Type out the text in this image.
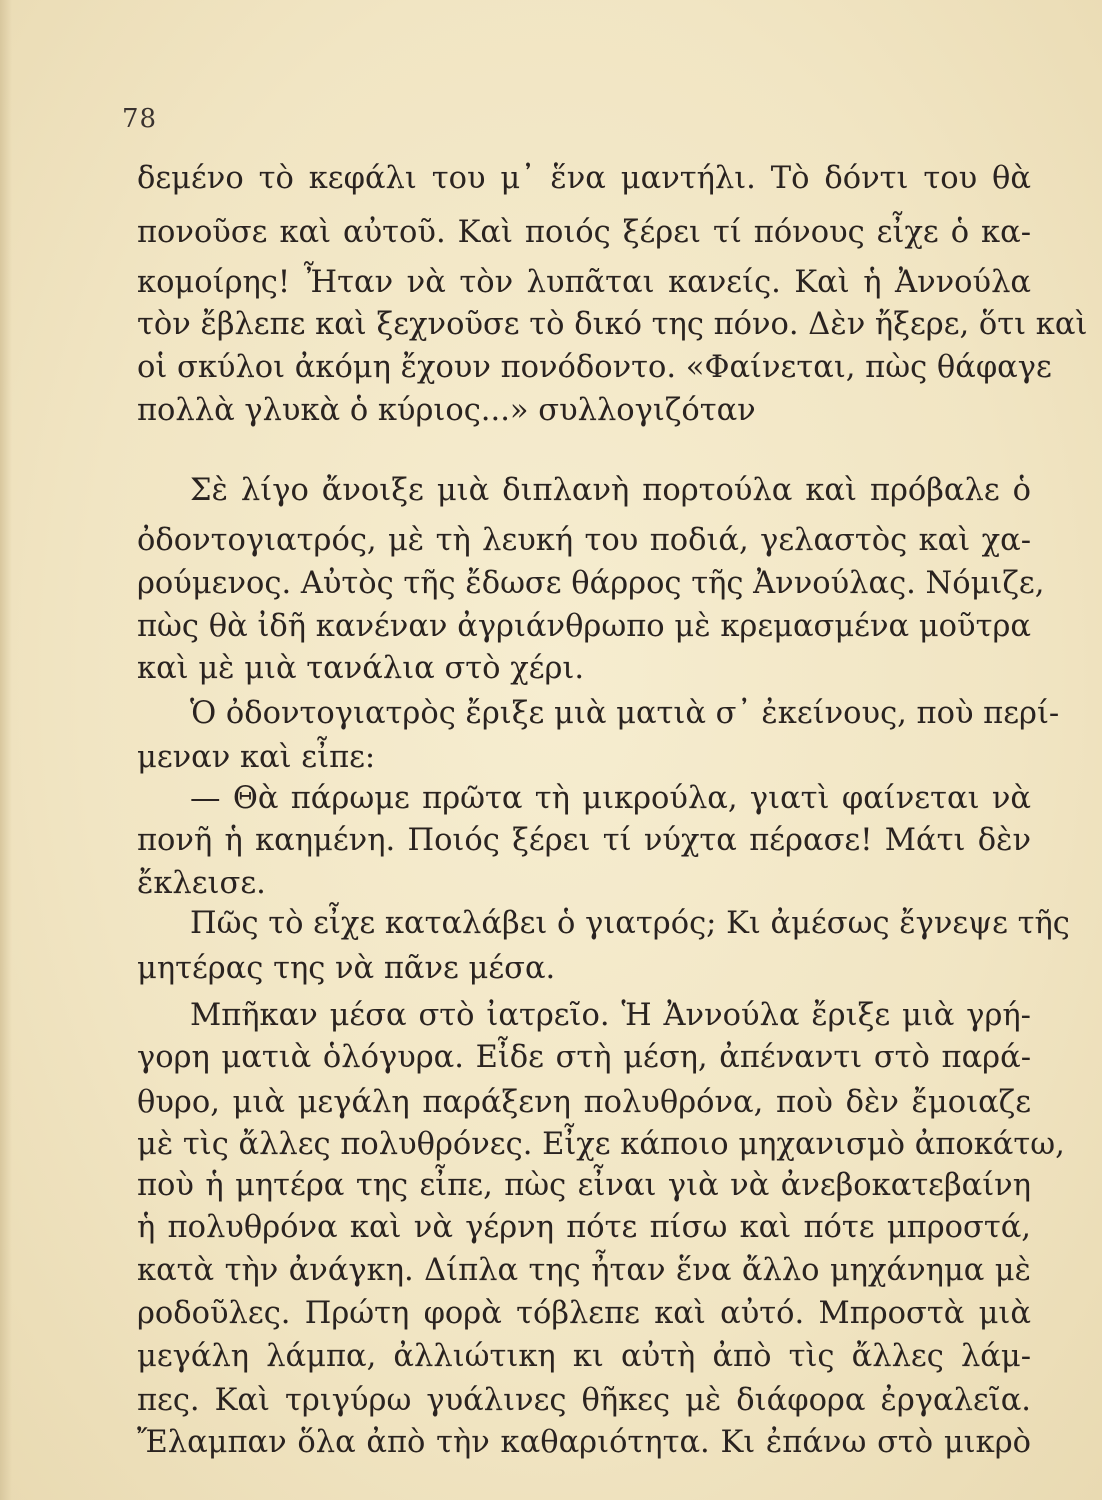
78
δεμένο τὸ κεφάλι του μ᾽ ἕνα μαντήλι. Τὸ δόντι του θὰ
πονοῦσε καὶ αὐτοῦ. Καὶ ποιός ξέρει τί πόνους εἶχε ὁ κα-
κομοίρης! Ἦταν νὰ τὸν λυπᾶται κανείς. Καὶ ἡ Ἀννούλα
τὸν ἔβλεπε καὶ ξεχνοῦσε τὸ δικό της πόνο. Δὲν ἤξερε, ὅτι καὶ
οἱ σκύλοι ἀκόμη ἔχουν πονόδοντο. «Φαίνεται, πὼς θάφαγε
πολλὰ γλυκὰ ὁ κύριος...» συλλογιζόταν
Σὲ λίγο ἄνοιξε μιὰ διπλανὴ πορτούλα καὶ πρόβαλε ὁ
ὀδοντογιατρός, μὲ τὴ λευκή του ποδιά, γελαστὸς καὶ χα-
ρούμενος. Αὐτὸς τῆς ἔδωσε θάρρος τῆς Ἀννούλας. Νόμιζε,
πὼς θὰ ἰδῆ κανέναν ἀγριάνθρωπο μὲ κρεμασμένα μοῦτρα
καὶ μὲ μιὰ τανάλια στὸ χέρι.
Ὁ ὀδοντογιατρὸς ἔριξε μιὰ ματιὰ σ᾽ ἐκείνους, ποὺ περί-
μεναν καὶ εἶπε:
— Θὰ πάρωμε πρῶτα τὴ μικρούλα, γιατὶ φαίνεται νὰ
πονῆ ἡ καημένη. Ποιός ξέρει τί νύχτα πέρασε! Μάτι δὲν
ἔκλεισε.
Πῶς τὸ εἶχε καταλάβει ὁ γιατρός; Κι ἀμέσως ἔγνεψε τῆς
μητέρας της νὰ πᾶνε μέσα.
Μπῆκαν μέσα στὸ ἰατρεῖο. Ἡ Ἀννούλα ἔριξε μιὰ γρή-
γορη ματιὰ ὁλόγυρα. Εἶδε στὴ μέση, ἀπέναντι στὸ παρά-
θυρο, μιὰ μεγάλη παράξενη πολυθρόνα, ποὺ δὲν ἔμοιαζε
μὲ τὶς ἄλλες πολυθρόνες. Εἶχε κάποιο μηχανισμὸ ἀποκάτω,
ποὺ ἡ μητέρα της εἶπε, πὼς εἶναι γιὰ νὰ ἀνεβοκατεβαίνη
ἡ πολυθρόνα καὶ νὰ γέρνη πότε πίσω καὶ πότε μπροστά,
κατὰ τὴν ἀνάγκη. Δίπλα της ἦταν ἕνα ἄλλο μηχάνημα μὲ
ροδοῦλες. Πρώτη φορὰ τόβλεπε καὶ αὐτό. Μπροστὰ μιὰ
μεγάλη λάμπα, ἀλλιώτικη κι αὐτὴ ἀπὸ τὶς ἄλλες λάμ-
πες. Καὶ τριγύρω γυάλινες θῆκες μὲ διάφορα ἐργαλεῖα.
Ἔλαμπαν ὅλα ἀπὸ τὴν καθαριότητα. Κι ἐπάνω στὸ μικρὸ
